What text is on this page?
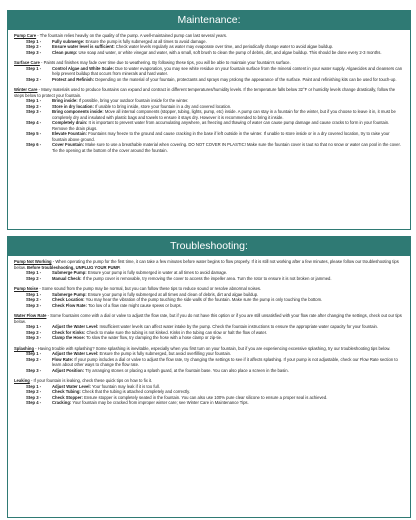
Maintenance:

Pump Care - The fountain relies heavily on the quality of the pump. A well-maintained pump can last several years.

Step 1 -	Fully submerge: Ensure the pump is fully submerged at all times to avoid damage.

Step 2 -	Ensure water level is sufficient: Check water levels regularly as water may evaporate over time, and periodically change water to avoid algae buildup.

Step 3 -	Clean pump: Use soap and water, or white vinegar and water, with a small, soft brush to clean the pump of debris, dirt, and algae buildup. This should be done every 2-3 months.

Surface Care - Paints and finishes may fade over time due to weathering. By following these tips, you will be able to maintain your fountain's surface.

Step 1 -	Control Algae and White Scale: Due to water evaporation, you may see white residue on your fountain surface from the mineral content in your water supply. Algaecides and cleansers can help prevent buildup that occurs from minerals and hard water.

Step 2 -	Protect and Refinish: Depending on the material of your fountain, protectants and sprays may prolong the appearance of the surface. Paint and refinishing kits can be used for touch-up.

Winter Care - Many materials used to produce fountains can expand and contract in different temperatures/humidity levels. If the temperature falls below 32°F or humidity levels change drastically, follow the steps below to protect your fountain.

Step 1 -	Bring inside: If possible, bring your outdoor fountain inside for the winter.

Step 2 -	Store in dry location: If unable to bring inside, store your fountain in a dry and covered location.

Step 3 -	Bring components inside: Move all internal components (stopper, tubing, lights, pump, etc) inside. A pump can stay in a fountain for the winter, but if you choose to leave it in, it must be completely dry and insulated with plastic bags and towels to ensure it stays dry. However it is recommended to bring it inside.

Step 4 -	Completely drain: It is important to prevent water from accumulating anywhere, as freezing and thawing of water can cause pump damage and cause cracks to form in your fountain. Remove the drain plugs.

Step 5 -	Elevate Fountain: Fountains may freeze to the ground and cause cracking in the base if left outside in the winter. If unable to store inside or in a dry covered location, try to raise your fountain above ground.

Step 6 -	Cover Fountain: Make sure to use a breathable material when covering. DO NOT COVER IN PLASTIC! Make sure the fountain cover is taut so that no snow or water can pool in the cover. Tie the opening at the bottom of the cover around the fountain.

Troubleshooting:

Pump Not Working - When operating the pump for the first time, it can take a few minutes before water begins to flow properly. If it is still not working after a few minutes, please follow our troubleshooting tips below. Before troubleshooting, UNPLUG YOUR PUMP.

Step 1 -	Submerge Pump: Ensure your pump is fully submerged in water at all times to avoid damage.

Step 2 -	Manual Check: If the pump cover is removable, try removing the cover to access the impeller area. Turn the rotor to ensure it is not broken or jammed.

Pump Noise - Some sound from the pump may be normal, but you can follow these tips to reduce sound or resolve abnormal noises.

Step 1 -	Submerge Pump: Ensure your pump is fully submerged at all times and clean of debris, dirt and algae buildup.

Step 2 -	Check Location: You may hear the vibration of the pump touching the side walls of the fountain. Make sure the pump is only touching the bottom.

Step 3 -	Check Flow Rate: Too low of a flow rate might cause spews or burps.

Water Flow Rate - Some fountains come with a dial or valve to adjust the flow rate, but if you do not have this option or if you are still unsatisfied with your flow rate after changing the settings, check out our tips below.

Step 1 -	Adjust the Water Level: Insufficient water levels can affect water intake by the pump. Check the fountain instructions to ensure the appropriate water capacity for your fountain.

Step 2 -	Check for Kinks: Check to make sure the tubing is not kinked. Kinks in the tubing can slow or halt the flow of water.

Step 3 -	Clamp the Hose: To slow the water flow, try clamping the hose with a hose clamp or zip-tie.

Splashing - Having trouble with splashing? Some splashing is inevitable, especially when you first turn on your fountain, but if you are experiencing excessive splashing, try our troubleshooting tips below.

Step 1 -	Adjust the Water Level: Ensure the pump is fully submerged, but avoid overfilling your fountain.

Step 2 -	Flow Rate: If your pump includes a dial or valve to adjust the flow rate, try changing the settings to see if it affects splashing. If your pump is not adjustable, check our Flow Rate section to learn about other ways to change the flow rate.

Step 3 -	Adjust Position: Try arranging stones or placing a splash guard, at the fountain base. You can also place a screen in the basin.

Leaking - If your fountain is leaking, check these quick tips on how to fix it.

Step 1 -	Adjust Water Level: Your fountain may leak if it is too full.

Step 2 -	Check Tubing: Check that the tubing is attached completely and correctly.

Step 3 -	Check Stopper: Ensure stopper is completely seated in the fountain. You can also use 100% pure clear silicone to ensure a proper seal is achieved.

Step 4 -	Cracking: Your fountain may be cracked from improper winter care; see Winter Care in Maintenance Tips.
